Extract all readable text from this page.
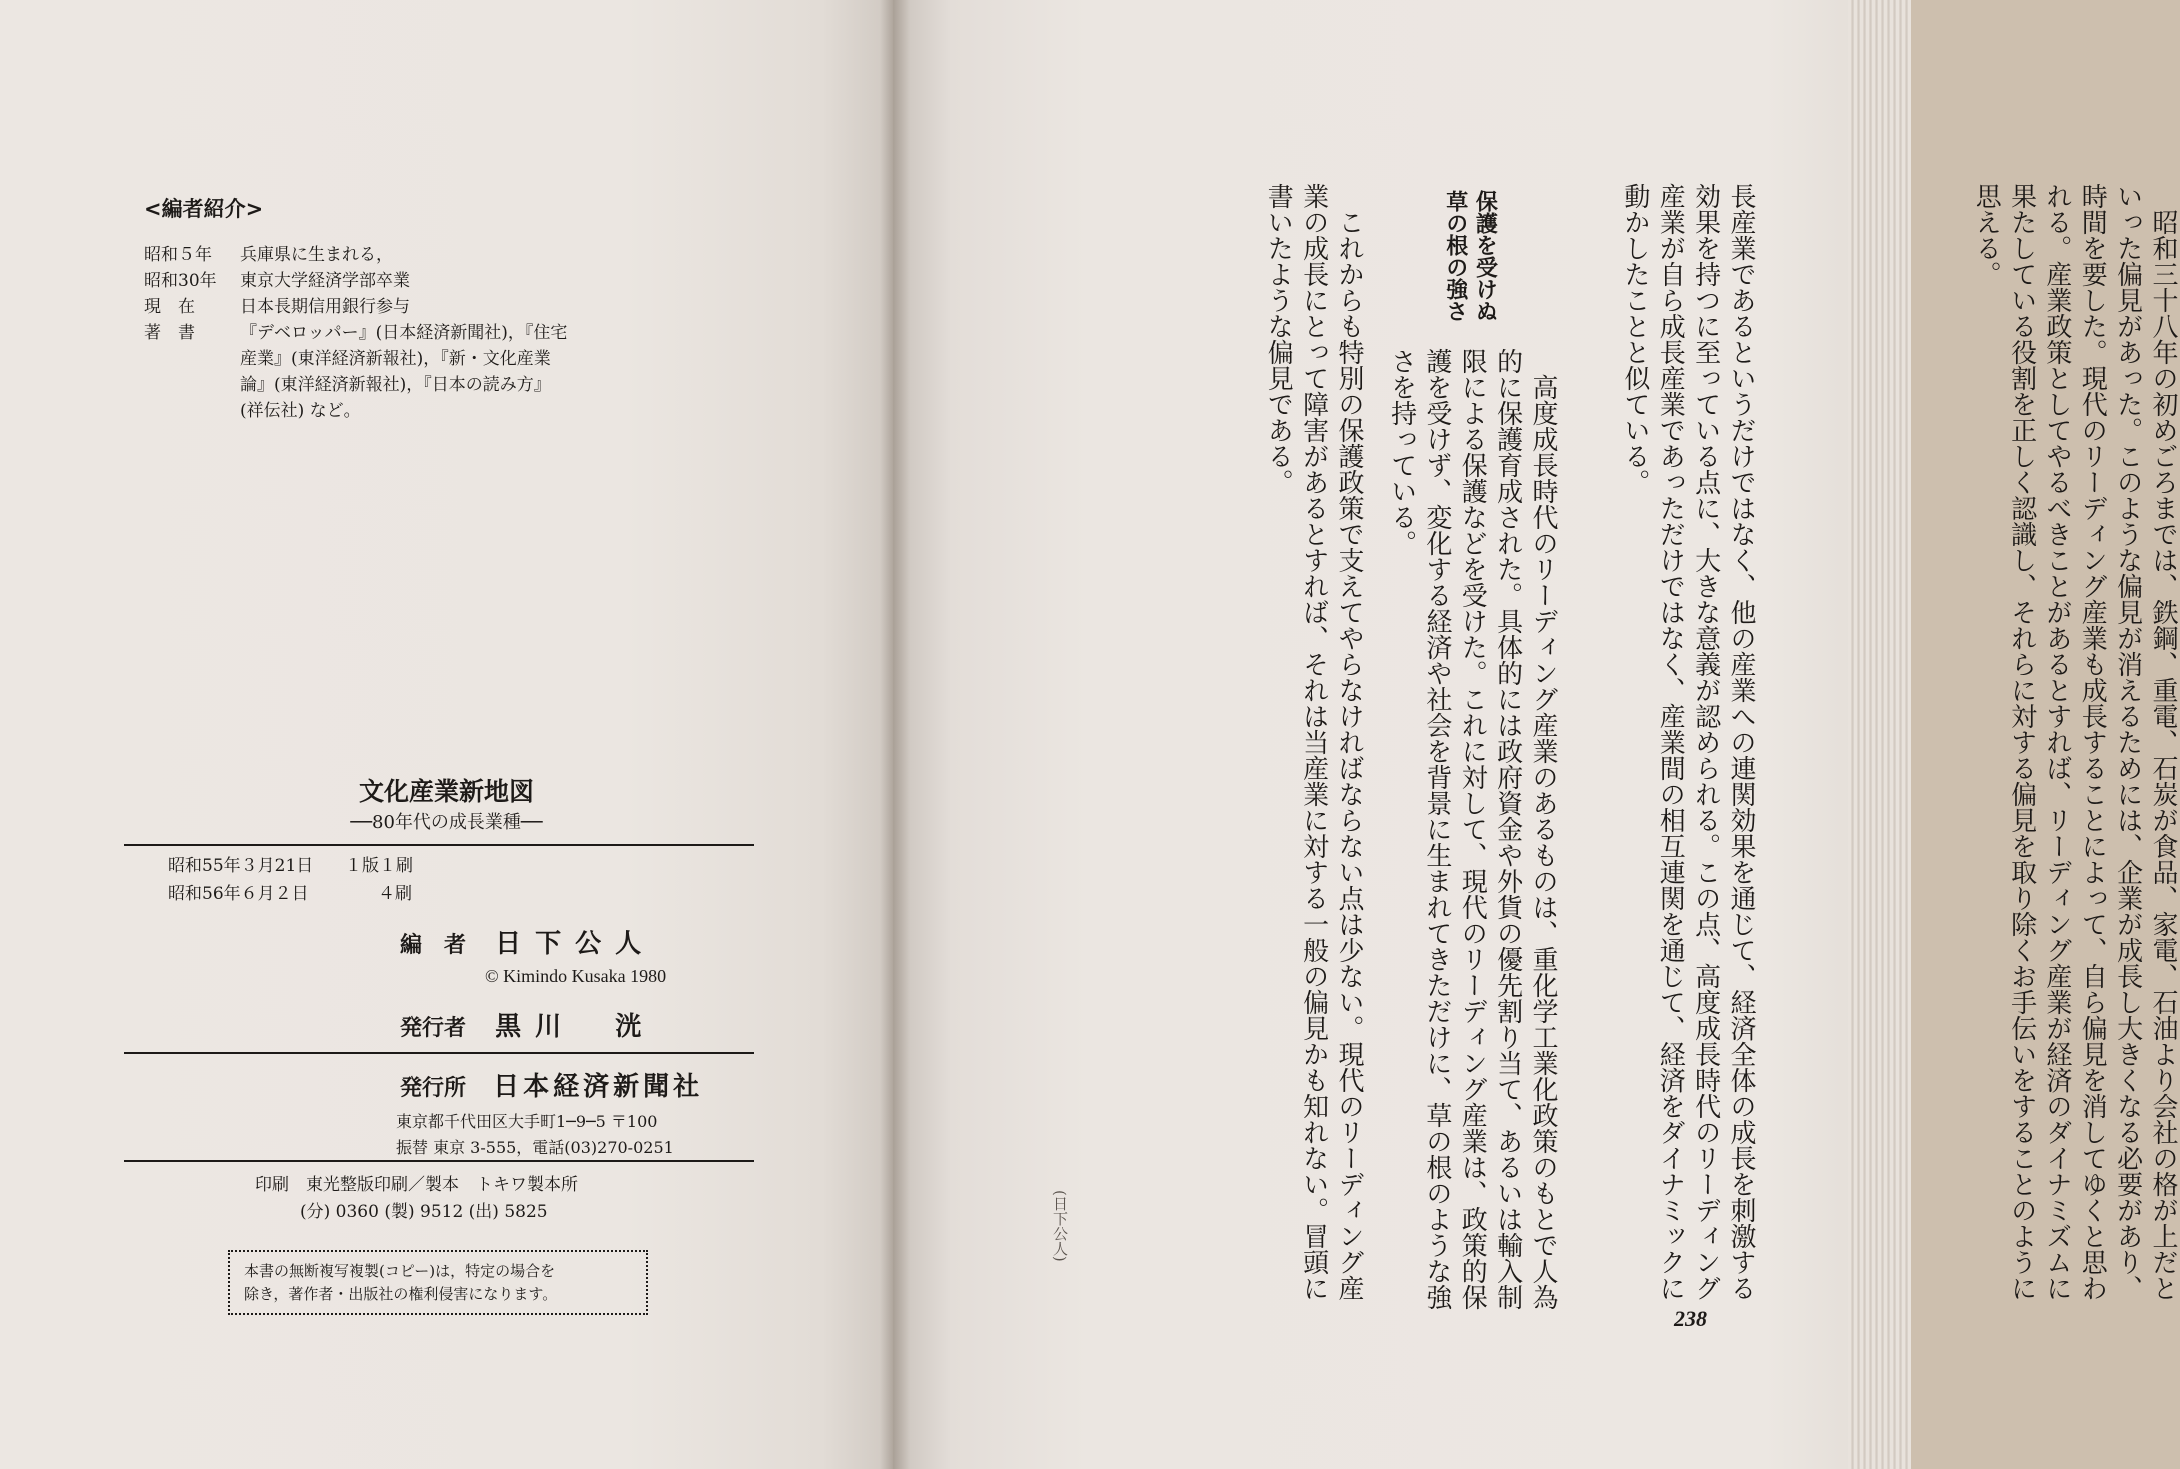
<編者紹介>
昭和５年	兵庫県に生まれる，
昭和30年	東京大学経済学部卒業
現　在	日本長期信用銀行参与
著　書	『デベロッパー』(日本経済新聞社)，『住宅
産業』(東洋経済新報社)，『新・文化産業
論』(東洋経済新報社)，『日本の読み方』
(祥伝社) など。
文化産業新地図
──80年代の成長業種──
昭和55年３月21日 １版１刷
昭和56年６月２日	４刷
編　者 日下公人
© Kimindo Kusaka 1980
発行者 黒川　洸
発行所 日本経済新聞社
東京都千代田区大手町1─9─5 〒100
振替 東京 3-555，電話(03)270-0251
印刷　東光整版印刷／製本　トキワ製本所
(分) 0360 (製) 9512 (出) 5825
本書の無断複写複製(コピー)は，特定の場合を
除き，著作者・出版社の権利侵害になります。
　	昭和三十八年の初めごろまでは、鉄鋼、重電、石炭が食品、家電、石油より会社の格が上だといった偏見があった。このような偏見が消えるためには、企業が成長し大きくなる必要があり、時間を要した。現代のリーディング産業も成長することによって、自ら偏見を消してゆくと思われる。産業政策としてやるべきことがあるとすれば、リーディング産業が経済のダイナミズムに果たしている役割を正しく認識し、それらに対する偏見を取り除くお手伝いをすることのように思える。

これからも特別の保護政策で支えてやらなければならない点は少ない。現代のリーディング産業の成長にとって障害があるとすれば、それは当産業に対する一般の偏見かも知れない。冒頭に書いたような偏見である。	保護を受けぬ
草の根の強さ

高度成長時代のリーディング産業のあるものは、重化学工業化政策のもとで人為的に保護育成された。具体的には政府資金や外貨の優先割り当て、あるいは輸入制限による保護などを受けた。これに対して、現代のリーディング産業は、政策的保護を受けず、変化する経済や社会を背景に生まれてきただけに、草の根のような強さを持っている。	長産業であるというだけではなく、他の産業への連関効果を通じて、経済全体の成長を刺激する効果を持つに至っている点に、大きな意義が認められる。この点、高度成長時代のリーディング産業が自ら成長産業であっただけではなく、産業間の相互連関を通じて、経済をダイナミックに動かしたことと似ている。

(日下公人)
238
